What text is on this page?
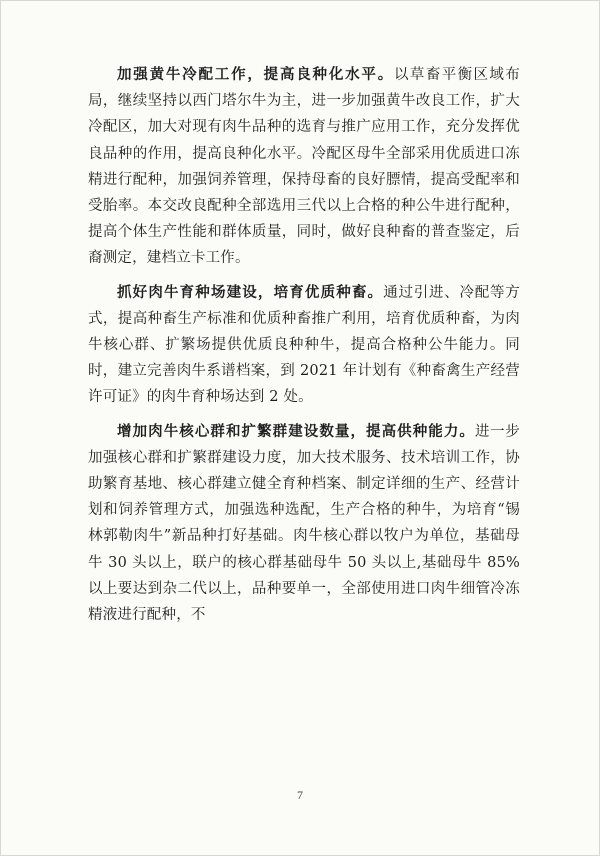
加强黄牛冷配工作，提高良种化水平。以草畜平衡区域布局，继续坚持以西门塔尔牛为主，进一步加强黄牛改良工作，扩大冷配区，加大对现有肉牛品种的选育与推广应用工作，充分发挥优良品种的作用，提高良种化水平。冷配区母牛全部采用优质进口冻精进行配种，加强饲养管理，保持母畜的良好膘情，提高受配率和受胎率。本交改良配种全部选用三代以上合格的种公牛进行配种，提高个体生产性能和群体质量，同时，做好良种畜的普查鉴定，后裔测定，建档立卡工作。

抓好肉牛育种场建设，培育优质种畜。通过引进、冷配等方式，提高种畜生产标准和优质种畜推广利用，培育优质种畜，为肉牛核心群、扩繁场提供优质良种种牛，提高合格种公牛能力。同时，建立完善肉牛系谱档案，到 2021 年计划有《种畜禽生产经营许可证》的肉牛育种场达到 2 处。

增加肉牛核心群和扩繁群建设数量，提高供种能力。进一步加强核心群和扩繁群建设力度，加大技术服务、技术培训工作，协助繁育基地、核心群建立健全育种档案、制定详细的生产、经营计划和饲养管理方式，加强选种选配，生产合格的种牛，为培育“锡林郭勒肉牛”新品种打好基础。肉牛核心群以牧户为单位，基础母牛 30 头以上，联户的核心群基础母牛 50 头以上,基础母牛 85%以上要达到杂二代以上，品种要单一，全部使用进口肉牛细管冷冻精液进行配种，不

7
